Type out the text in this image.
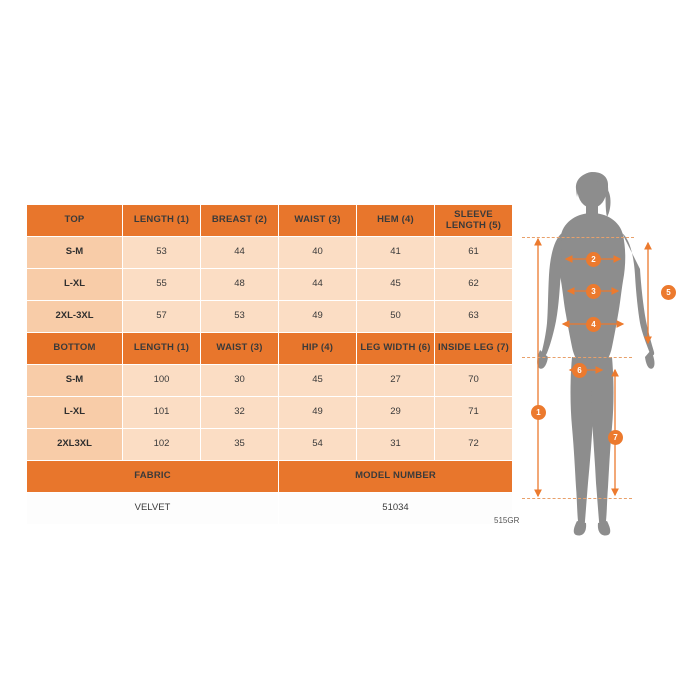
TOP	LENGTH (1)	BREAST (2)	WAIST (3)	HEM (4)	SLEEVE LENGTH (5)
S-M	53	44	40	41	61
L-XL	55	48	44	45	62
2XL-3XL	57	53	49	50	63
BOTTOM	LENGTH (1)	WAIST (3)	HIP (4)	LEG WIDTH (6)	INSIDE LEG (7)
S-M	100	30	45	27	70
L-XL	101	32	49	29	71
2XL3XL	102	35	54	31	72
FABRIC			MODEL NUMBER		
VELVET			51034		
515GR
1
2
3
4
5
6
7
